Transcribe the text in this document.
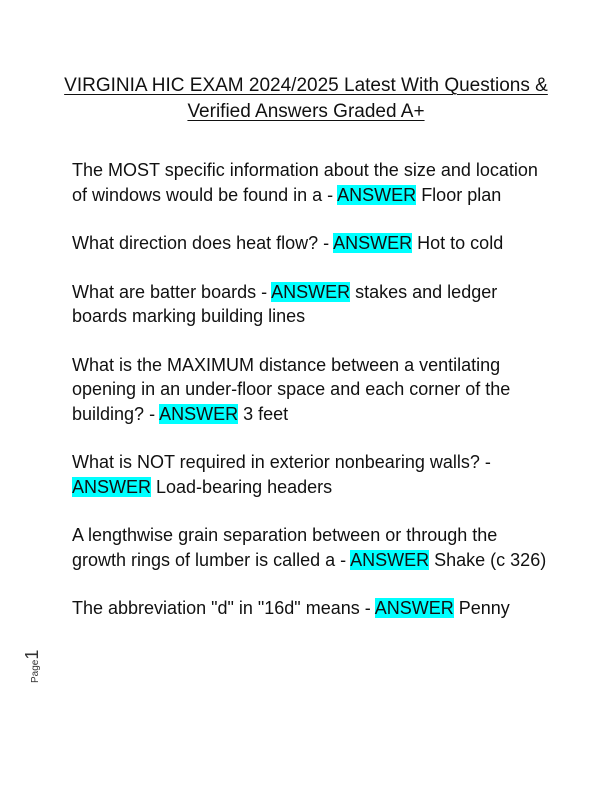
VIRGINIA HIC EXAM 2024/2025 Latest With Questions &
Verified Answers Graded A+

The MOST specific information about the size and location of windows would be found in a - ANSWER Floor plan

What direction does heat flow? - ANSWER Hot to cold

What are batter boards - ANSWER stakes and ledger boards marking building lines

What is the MAXIMUM distance between a ventilating opening in an under-floor space and each corner of the building? - ANSWER 3 feet

What is NOT required in exterior nonbearing walls? - ANSWER Load-bearing headers

A lengthwise grain separation between or through the growth rings of lumber is called a - ANSWER Shake (c 326)

The abbreviation "d" in "16d" means - ANSWER Penny

Page1
